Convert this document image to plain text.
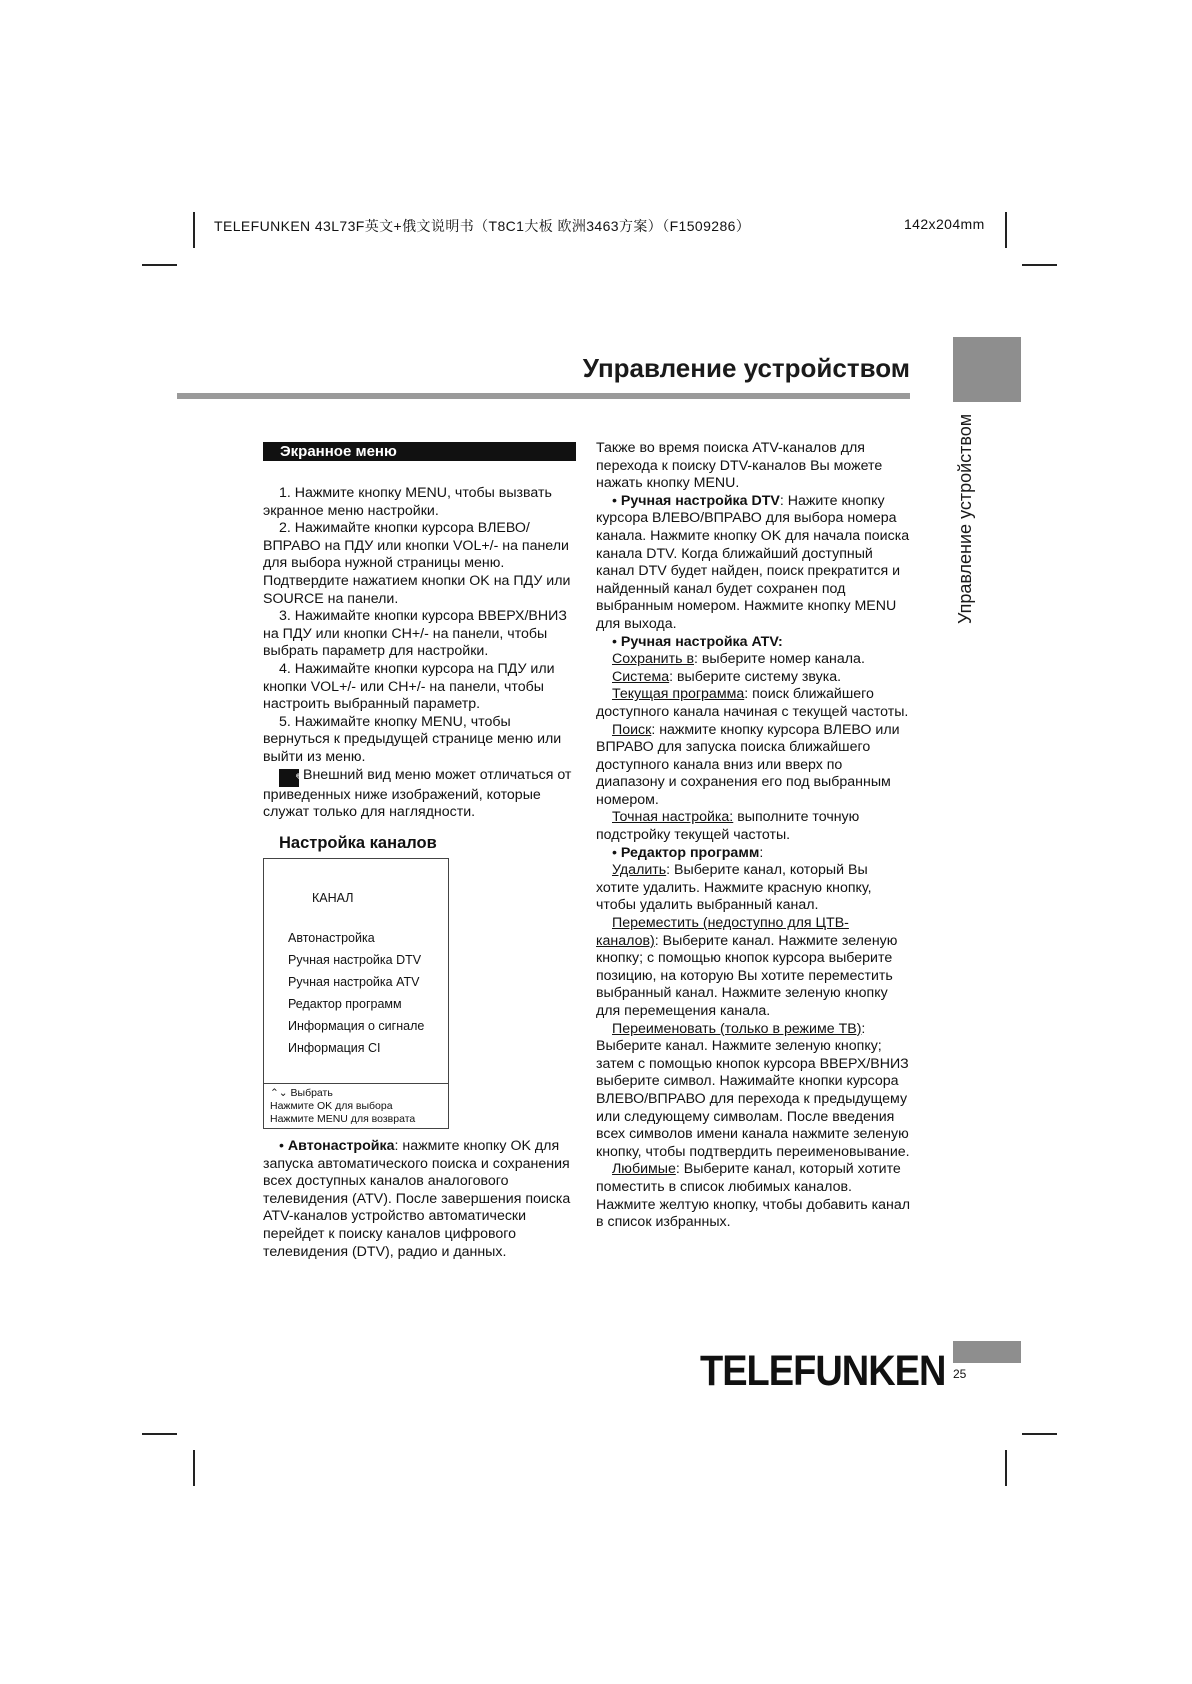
TELEFUNKEN 43L73F英文+俄文说明书（T8C1大板 欧洲3463方案）（F1509286）	142x204mm
Управление устройством
Управление устройством
Экранное меню

1. Нажмите кнопку MENU, чтобы вызвать экранное меню настройки.

2. Нажимайте кнопки курсора ВЛЕВО/ВПРАВО на ПДУ или кнопки VOL+/- на панели для выбора нужной страницы меню. Подтвердите нажатием кнопки OK на ПДУ или SOURCE на панели.

3. Нажимайте кнопки курсора ВВЕРХ/ВНИЗ на ПДУ или кнопки CH+/- на панели, чтобы выбрать параметр для настройки.

4. Нажимайте кнопки курсора на ПДУ или кнопки VOL+/- или CH+/- на панели, чтобы настроить выбранный параметр.

5. Нажимайте кнопку MENU, чтобы вернуться к предыдущей странице меню или выйти из меню.

✎Внешний вид меню может отличаться от приведенных ниже изображений, которые служат только для наглядности.

Настройка каналов
КАНАЛ
Автонастройка
Ручная настройка DTV
Ручная настройка ATV
Редактор программ
Информация о сигнале
Информация CI
⌃⌄ Выбрать
Нажмите OK для выбора
Нажмите MENU для возврата

• Автонастройка: нажмите кнопку OK для запуска автоматического поиска и сохранения всех доступных каналов аналогового телевидения (ATV). После завершения поиска ATV-каналов устройство автоматически перейдет к поиску каналов цифрового телевидения (DTV), радио и данных.

Также во время поиска ATV-каналов для перехода к поиску DTV-каналов Вы можете нажать кнопку MENU.

• Ручная настройка DTV: Нажите кнопку курсора ВЛЕВО/ВПРАВО для выбора номера канала. Нажмите кнопку OK для начала поиска канала DTV. Когда ближайший доступный канал DTV будет найден, поиск прекратится и найденный канал будет сохранен под выбранным номером. Нажмите кнопку MENU для выхода.

• Ручная настройка ATV:

Сохранить в: выберите номер канала.

Система: выберите систему звука.

Текущая программа: поиск ближайшего доступного канала начиная с текущей частоты.

Поиск: нажмите кнопку курсора ВЛЕВО или ВПРАВО для запуска поиска ближайшего доступного канала вниз или вверх по диапазону и сохранения его под выбранным номером.

Точная настройка: выполните точную подстройку текущей частоты.

• Редактор программ:

Удалить: Выберите канал, который Вы хотите удалить. Нажмите красную кнопку, чтобы удалить выбранный канал.

Переместить (недоступно для ЦТВ-каналов): Выберите канал. Нажмите зеленую кнопку; с помощью кнопок курсора выберите позицию, на которую Вы хотите переместить выбранный канал. Нажмите зеленую кнопку для перемещения канала.

Переименовать (только в режиме ТВ): Выберите канал. Нажмите зеленую кнопку; затем с помощью кнопок курсора ВВЕРХ/ВНИЗ выберите символ. Нажимайте кнопки курсора ВЛЕВО/ВПРАВО для перехода к предыдущему или следующему символам. После введения всех символов имени канала нажмите зеленую кнопку, чтобы подтвердить переименовывание.

Любимые: Выберите канал, который хотите поместить в список любимых каналов. Нажмите желтую кнопку, чтобы добавить канал в список избранных.

TELEFUNKEN 25
